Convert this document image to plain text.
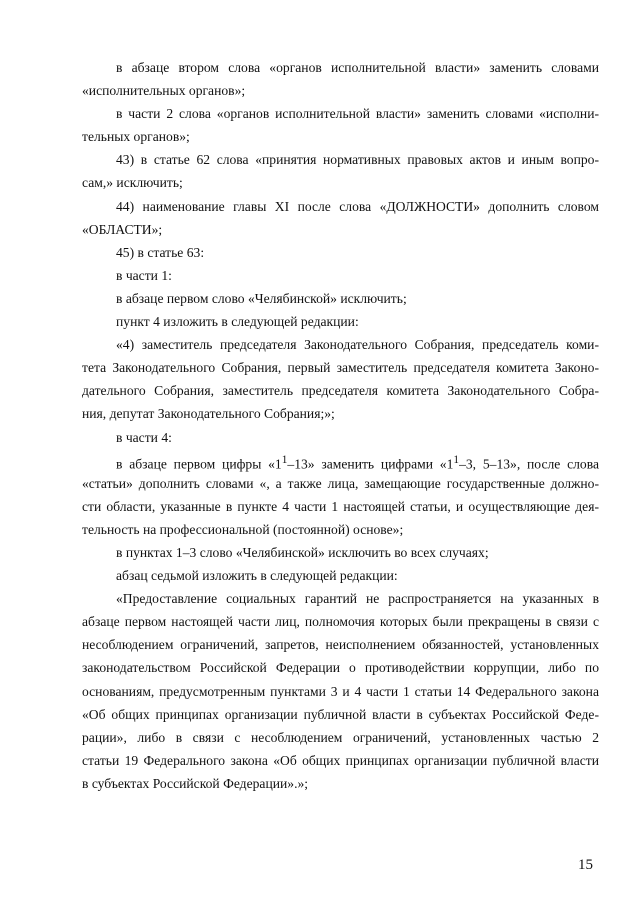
в абзаце втором слова «органов исполнительной власти» заменить словами
«исполнительных органов»;
в части 2 слова «органов исполнительной власти» заменить словами «исполни-
тельных органов»;
43) в статье 62 слова «принятия нормативных правовых актов и иным вопро-
сам,» исключить;
44) наименование главы XI после слова «ДОЛЖНОСТИ» дополнить словом
«ОБЛАСТИ»;
45) в статье 63:
в части 1:
в абзаце первом слово «Челябинской» исключить;
пункт 4 изложить в следующей редакции:
«4) заместитель председателя Законодательного Собрания, председатель коми-
тета Законодательного Собрания, первый заместитель председателя комитета Законо-
дательного Собрания, заместитель председателя комитета Законодательного Собра-
ния, депутат Законодательного Собрания;»;
в части 4:
в абзаце первом цифры «$1^1-13$» заменить цифрами «$1^1-3$, 5–13», после слова
«статьи» дополнить словами «, а также лица, замещающие государственные должно-
сти области, указанные в пункте 4 части 1 настоящей статьи, и осуществляющие дея-
тельность на профессиональной (постоянной) основе»;
в пунктах 1–3 слово «Челябинской» исключить во всех случаях;
абзац седьмой изложить в следующей редакции:
«Предоставление социальных гарантий не распространяется на указанных в
абзаце первом настоящей части лиц, полномочия которых были прекращены в связи с
несоблюдением ограничений, запретов, неисполнением обязанностей, установленных
законодательством Российской Федерации о противодействии коррупции, либо по
основаниям, предусмотренным пунктами 3 и 4 части 1 статьи 14 Федерального закона
«Об общих принципах организации публичной власти в субъектах Российской Феде-
рации», либо в связи с несоблюдением ограничений, установленных частью 2
статьи 19 Федерального закона «Об общих принципах организации публичной власти
в субъектах Российской Федерации».»;
15
